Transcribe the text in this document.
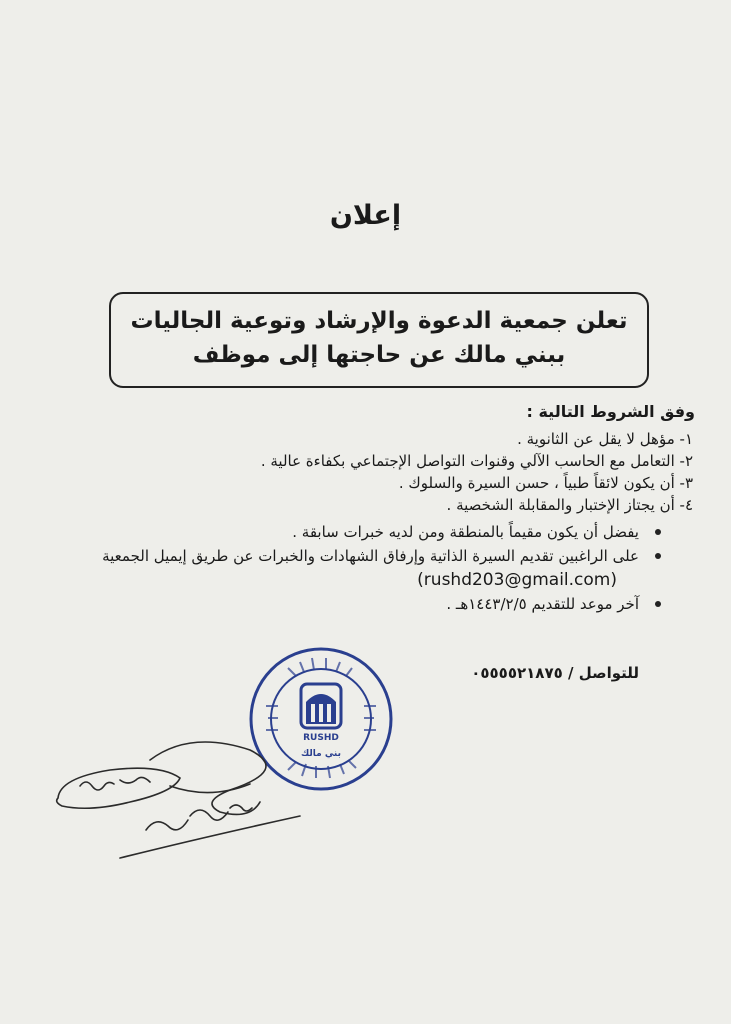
إعلان
تعلن جمعية الدعوة والإرشاد وتوعية الجاليات ببني مالك عن حاجتها إلى موظف
وفق الشروط التالية :
١- مؤهل لا يقل عن الثانوية .
٢- التعامل مع الحاسب الآلي وقنوات التواصل الإجتماعي بكفاءة عالية .
٣- أن يكون لائقاً طبياً ، حسن السيرة والسلوك .
٤- أن يجتاز الإختبار والمقابلة الشخصية .
يفضل أن يكون مقيماً بالمنطقة ومن لديه خبرات سابقة .
على الراغبين تقديم السيرة الذاتية وإرفاق الشهادات والخبرات عن طريق إيميل الجمعية
(rushd203@gmail.com)
آخر موعد للتقديم ١٤٤٣/٢/٥هـ .
للتواصل / ٠٥٥٥٥٢١٨٧٥
RUSHD
بني مالك
